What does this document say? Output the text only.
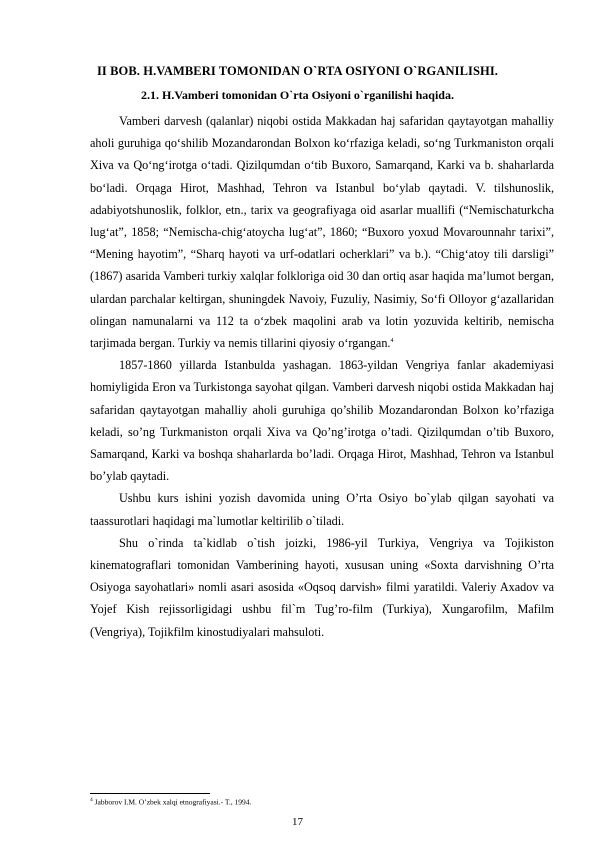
II BOB. H.VAMBERI TOMONIDAN O`RTA OSIYONI O`RGANILISHI.
2.1. H.Vamberi tomonidan O`rta Osiyoni o`rganilishi haqida.

Vamberi darvesh (qalanlar) niqobi ostida Makkadan haj safaridan qaytayotgan mahalliy aholi guruhiga qo‘shilib Mozandarondan Bolxon ko‘rfaziga keladi, so‘ng Turkmaniston orqali Xiva va Qo‘ng‘irotga o‘tadi. Qizilqumdan o‘tib Buxoro, Samarqand, Karki va b. shaharlarda bo‘ladi. Orqaga Hirot, Mashhad, Tehron va Istanbul bo‘ylab qaytadi. V. tilshunoslik, adabiyotshunoslik, folklor, etn., tarix va geografiyaga oid asarlar muallifi (“Nemischaturkcha lug‘at”, 1858; “Nemischa-chig‘atoycha lug‘at”, 1860; “Buxoro yoxud Movarounnahr tarixi”, “Mening hayotim”, “Sharq hayoti va urf-odatlari ocherklari” va b.). “Chig‘atoy tili darsligi” (1867) asarida Vamberi turkiy xalqlar folkloriga oid 30 dan ortiq asar haqida ma’lumot bergan, ulardan parchalar keltirgan, shuningdek Navoiy, Fuzuliy, Nasimiy, So‘fi Olloyor g‘azallaridan olingan namunalarni va 112 ta o‘zbek maqolini arab va lotin yozuvida keltirib, nemischa tarjimada bergan. Turkiy va nemis tillarini qiyosiy o‘rgangan.$^4$

1857-1860 yillarda Istanbulda yashagan. 1863-yildan Vengriya fanlar akademiyasi homiyligida Eron va Turkistonga sayohat qilgan. Vamberi darvesh niqobi ostida Makkadan haj safaridan qaytayotgan mahalliy aholi guruhiga qo’shilib Mozandarondan Bolxon ko’rfaziga keladi, so’ng Turkmaniston orqali Xiva va Qo’ng’irotga o’tadi. Qizilqumdan o’tib Buxoro, Samarqand, Karki va boshqa shaharlarda bo’ladi. Orqaga Hirot, Mashhad, Tehron va Istanbul bo’ylab qaytadi.

Ushbu kurs ishini yozish davomida uning O’rta Osiyo bo`ylab qilgan sayohati va taassurotlari haqidagi ma`lumotlar keltirilib o`tiladi.

Shu o`rinda ta`kidlab o`tish joizki, 1986-yil Turkiya, Vengriya va Tojikiston kinematograflari tomonidan Vamberining hayoti, xususan uning «Soxta darvishning O’rta Osiyoga sayohatlari» nomli asari asosida «Oqsoq darvish» filmi yaratildi. Valeriy Axadov va Yojef Kish rejissorligidagi ushbu fil`m Tug’ro-film (Turkiya), Xungarofilm, Mafilm (Vengriya), Tojikfilm kinostudiyalari mahsuloti.

$^4$ Jabborov I.M. O’zbek xalqi etnografiyasi.- T., 1994.
17
